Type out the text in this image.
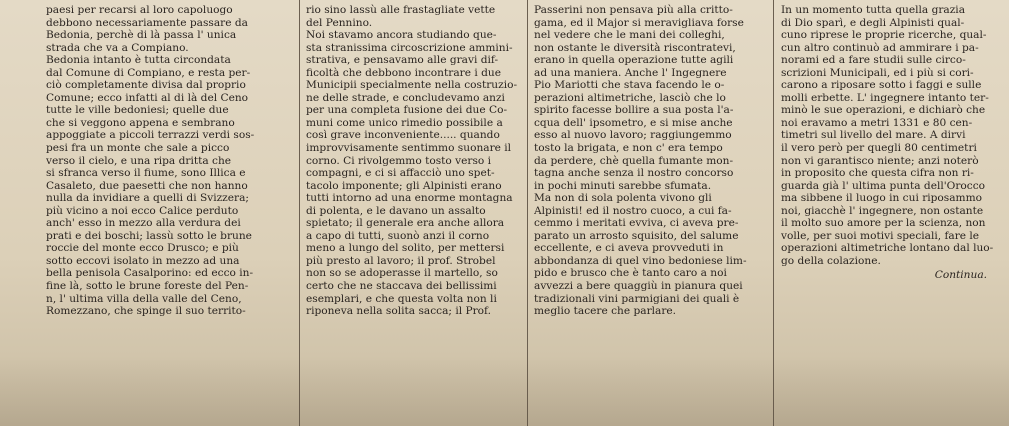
paesi per recarsi al loro capoluogo
debbono necessariamente passare da
Bedonia, perchè di là passa l' unica
strada che va a Compiano.
Bedonia intanto è tutta circondata
dal Comune di Compiano, e resta per-
ciò completamente divisa dal proprio
Comune; ecco infatti al di là del Ceno
tutte le ville bedoniesi; quelle due
che si veggono appena e sembrano
appoggiate a piccoli terrazzi verdi sos-
pesi fra un monte che sale a picco
verso il cielo, e una ripa dritta che
si sfranca verso il fiume, sono Illica e
Casaleto, due paesetti che non hanno
nulla da invidiare a quelli di Svizzera;
più vicino a noi ecco Calice perduto
anch' esso in mezzo alla verdura dei
prati e dei boschi; lassù sotto le brune
roccie del monte ecco Drusco; e più
sotto eccovi isolato in mezzo ad una
bella penisola Casalporino: ed ecco in-
fine là, sotto le brune foreste del Pen-
n, l' ultima villa della valle del Ceno,
Romezzano, che spinge il suo territo-
rio sino lassù alle frastagliate vette
del Pennino.
Noi stavamo ancora studiando que-
sta stranissima circoscrizione ammini-
strativa, e pensavamo alle gravi dif-
ficoltà che debbono incontrare i due
Municipii specialmente nella costruzio-
ne delle strade, e concludevamo anzi
per una completa fusione dei due Co-
muni come unico rimedio possibile a
così grave inconveniente..... quando
improvvisamente sentimmo suonare il
corno. Ci rivolgemmo tosto verso i
compagni, e ci si affacciò uno spet-
tacolo imponente; gli Alpinisti erano
tutti intorno ad una enorme montagna
di polenta, e le davano un assalto
spietato; il generale era anche allora
a capo di tutti, suonò anzi il corno
meno a lungo del solito, per mettersi
più presto al lavoro; il prof. Strobel
non so se adoperasse il martello, so
certo che ne staccava dei bellissimi
esemplari, e che questa volta non li
riponeva nella solita sacca; il Prof.
Passerini non pensava più alla critto-
gama, ed il Major si meravigliava forse
nel vedere che le mani dei colleghi,
non ostante le diversità riscontratevi,
erano in quella operazione tutte agili
ad una maniera. Anche l' Ingegnere
Pio Mariotti che stava facendo le o-
perazioni altimetriche, lasciò che lo
spirito facesse bollire a sua posta l'a-
cqua dell' ipsometro, e si mise anche
esso al nuovo lavoro; raggiungemmo
tosto la brigata, e non c' era tempo
da perdere, chè quella fumante mon-
tagna anche senza il nostro concorso
in pochi minuti sarebbe sfumata.
Ma non di sola polenta vivono gli
Alpinisti! ed il nostro cuoco, a cui fa-
cemmo i meritati evviva, ci aveva pre-
parato un arrosto squisito, del salume
eccellente, e ci aveva provveduti in
abbondanza di quel vino bedoniese lim-
pido e brusco che è tanto caro a noi
avvezzi a bere quaggiù in pianura quei
tradizionali vini parmigiani dei quali è
meglio tacere che parlare.
In un momento tutta quella grazia
di Dio sparì, e degli Alpinisti qual-
cuno riprese le proprie ricerche, qual-
cun altro continuò ad ammirare i pa-
norami ed a fare studii sulle circo-
scrizioni Municipali, ed i più si cori-
carono a riposare sotto i faggi e sulle
molli erbette. L' ingegnere intanto ter-
minò le sue operazioni, e dichiarò che
noi eravamo a metri 1331 e 80 cen-
timetri sul livello del mare. A dirvi
il vero però per quegli 80 centimetri
non vi garantisco niente; anzi noterò
in proposito che questa cifra non ri-
guarda già l' ultima punta dell'Orocco
ma sibbene il luogo in cui riposammo
noi, giacchè l' ingegnere, non ostante
il molto suo amore per la scienza, non
volle, per suoi motivi speciali, fare le
operazioni altimetriche lontano dal luo-
go della colazione.
Continua.
